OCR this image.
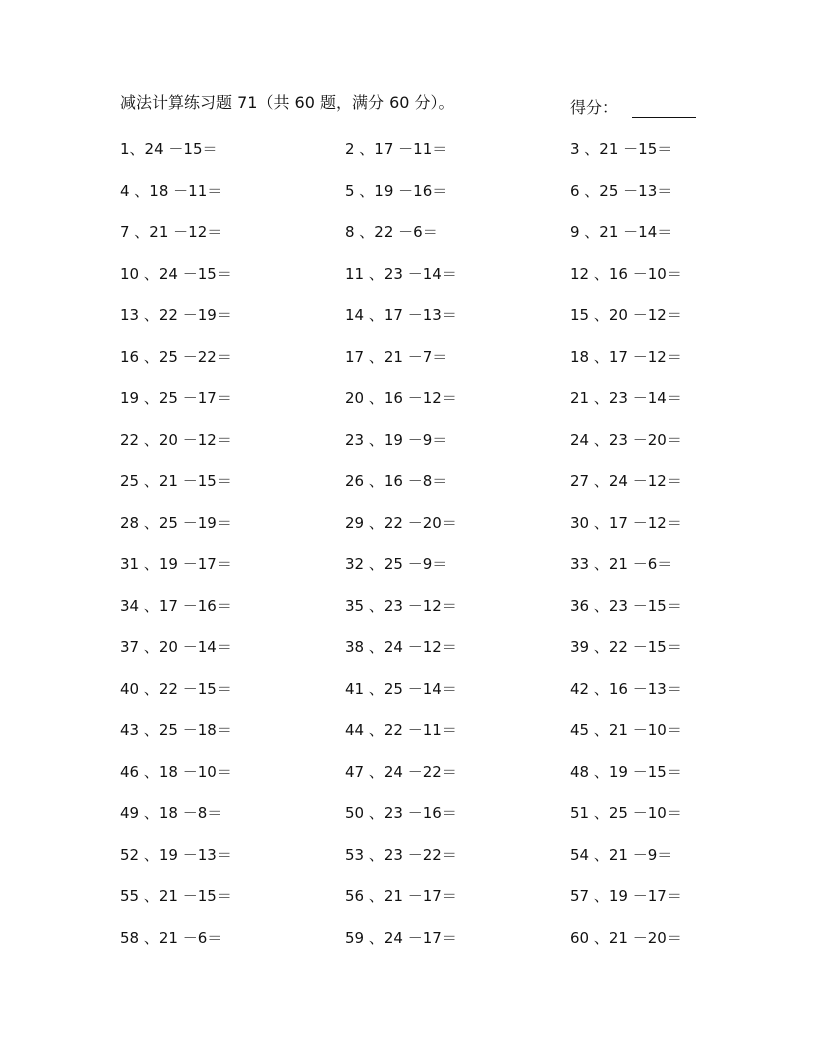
减法计算练习题 71（共 60 题，满分 60 分）。	得分：
1、24 －15＝	2 、17 －11＝	3 、21 －15＝
4 、18 －11＝	5 、19 －16＝	6 、25 －13＝
7 、21 －12＝	8 、22 －6＝	9 、21 －14＝
10 、24 －15＝	11 、23 －14＝	12 、16 －10＝
13 、22 －19＝	14 、17 －13＝	15 、20 －12＝
16 、25 －22＝	17 、21 －7＝	18 、17 －12＝
19 、25 －17＝	20 、16 －12＝	21 、23 －14＝
22 、20 －12＝	23 、19 －9＝	24 、23 －20＝
25 、21 －15＝	26 、16 －8＝	27 、24 －12＝
28 、25 －19＝	29 、22 －20＝	30 、17 －12＝
31 、19 －17＝	32 、25 －9＝	33 、21 －6＝
34 、17 －16＝	35 、23 －12＝	36 、23 －15＝
37 、20 －14＝	38 、24 －12＝	39 、22 －15＝
40 、22 －15＝	41 、25 －14＝	42 、16 －13＝
43 、25 －18＝	44 、22 －11＝	45 、21 －10＝
46 、18 －10＝	47 、24 －22＝	48 、19 －15＝
49 、18 －8＝	50 、23 －16＝	51 、25 －10＝
52 、19 －13＝	53 、23 －22＝	54 、21 －9＝
55 、21 －15＝	56 、21 －17＝	57 、19 －17＝
58 、21 －6＝	59 、24 －17＝	60 、21 －20＝
